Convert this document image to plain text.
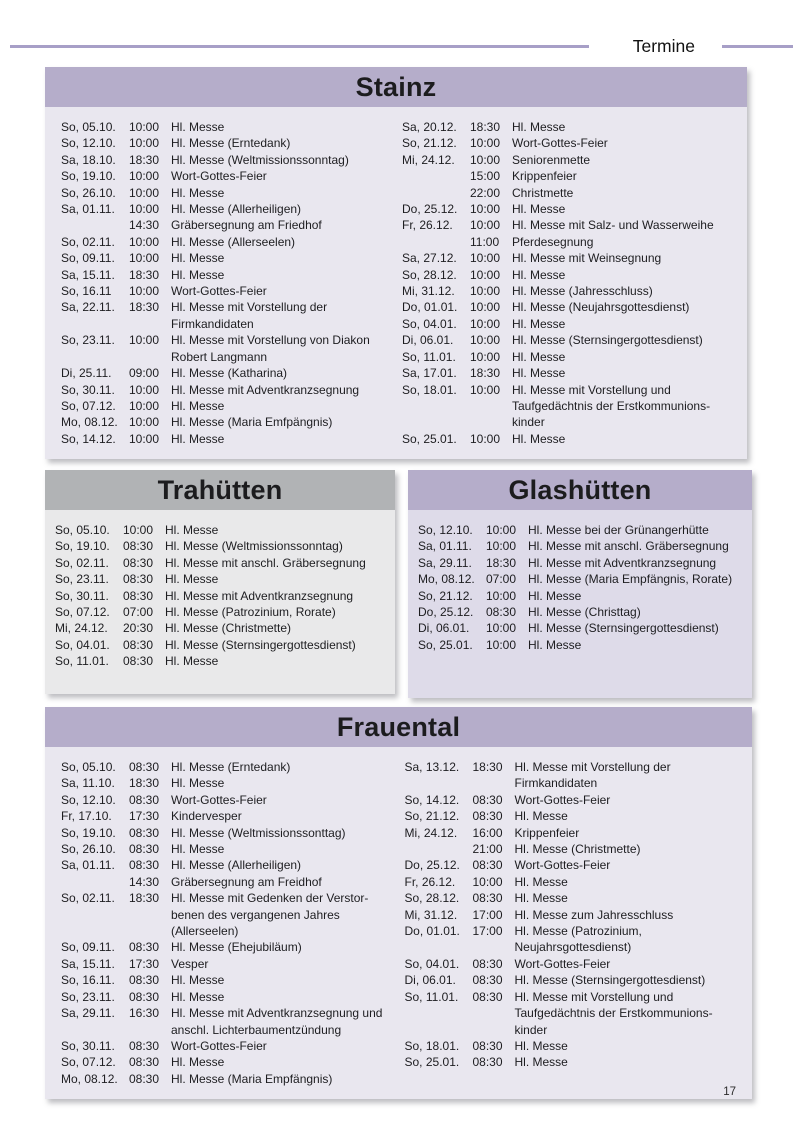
Termine
Stainz
So, 05.10.	10:00 Hl. Messe
So, 12.10.	10:00 Hl. Messe (Erntedank)
Sa, 18.10.	18:30 Hl. Messe (Weltmissionssonntag)
So, 19.10.	10:00 Wort-Gottes-Feier
So, 26.10.	10:00 Hl. Messe
Sa, 01.11.	10:00 Hl. Messe (Allerheiligen)
14:30 Gräbersegnung am Friedhof
So, 02.11.	10:00 Hl. Messe (Allerseelen)
So, 09.11.	10:00 Hl. Messe
Sa, 15.11.	18:30 Hl. Messe
So, 16.11	10:00 Wort-Gottes-Feier
Sa, 22.11.	18:30 Hl. Messe mit Vorstellung der Firmkandidaten
So, 23.11.	10:00 Hl. Messe mit Vorstellung von Diakon Robert Langmann
Di, 25.11.	09:00 Hl. Messe (Katharina)
So, 30.11.	10:00 Hl. Messe mit Adventkranzsegnung
So, 07.12.	10:00 Hl. Messe
Mo, 08.12. 10:00 Hl. Messe (Maria Emfpängnis)
So, 14.12.	10:00 Hl. Messe
Sa, 20.12.	18:30 Hl. Messe
So, 21.12.	10:00 Wort-Gottes-Feier
Mi, 24.12.	10:00 Seniorenmette
15:00 Krippenfeier
22:00 Christmette
Do, 25.12.	10:00 Hl. Messe
Fr, 26.12.	10:00 Hl. Messe mit Salz- und Wasserweihe
11:00	Pferdesegnung
Sa, 27.12.	10:00 Hl. Messe mit Weinsegnung
So, 28.12.	10:00 Hl. Messe
Mi, 31.12.	10:00 Hl. Messe (Jahresschluss)
Do, 01.01.	10:00 Hl. Messe (Neujahrsgottesdienst)
So, 04.01.	10:00 Hl. Messe
Di, 06.01.	10:00 Hl. Messe (Sternsingergottesdienst)
So, 11.01.	10:00 Hl. Messe
Sa, 17.01.	18:30 Hl. Messe
So, 18.01.	10:00 Hl. Messe mit Vorstellung und Taufgedächtnis der Erstkommunions-kinder
So, 25.01.	10:00 Hl. Messe
Trahütten
So, 05.10.	10:00 Hl. Messe
So, 19.10.	08:30 Hl. Messe (Weltmissionssonntag)
So, 02.11.	08:30 Hl. Messe mit anschl. Gräbersegnung
So, 23.11.	08:30 Hl. Messe
So, 30.11.	08:30 Hl. Messe mit Adventkranzsegnung
So, 07.12.	07:00 Hl. Messe (Patrozinium, Rorate)
Mi, 24.12.	20:30 Hl. Messe (Christmette)
So, 04.01.	08:30 Hl. Messe (Sternsingergottesdienst)
So, 11.01.	08:30 Hl. Messe
Glashütten
So, 12.10.	10:00 Hl. Messe bei der Grünangerhütte
Sa, 01.11.	10:00 Hl. Messe mit anschl. Gräbersegnung
Sa, 29.11.	18:30 Hl. Messe mit Adventkranzsegnung
Mo, 08.12. 07:00 Hl. Messe (Maria Empfängnis, Rorate)
So, 21.12.	10:00 Hl. Messe
Do, 25.12.	08:30 Hl. Messe (Christtag)
Di, 06.01.	10:00 Hl. Messe (Sternsingergottesdienst)
So, 25.01.	10:00 Hl. Messe
Frauental
So, 05.10.	08:30 Hl. Messe (Erntedank)
Sa, 11.10.	18:30 Hl. Messe
So, 12.10.	08:30 Wort-Gottes-Feier
Fr, 17.10.	17:30 Kindervesper
So, 19.10.	08:30 Hl. Messe (Weltmissionssonttag)
So, 26.10.	08:30 Hl. Messe
Sa, 01.11.	08:30 Hl. Messe (Allerheiligen)
14:30 Gräbersegnung am Freidhof
So, 02.11.	18:30 Hl. Messe mit Gedenken der Verstor-benen des vergangenen Jahres (Allerseelen)
So, 09.11.	08:30 Hl. Messe (Ehejubiläum)
Sa, 15.11.	17:30 Vesper
So, 16.11.	08:30 Hl. Messe
So, 23.11.	08:30 Hl. Messe
Sa, 29.11.	16:30 Hl. Messe mit Adventkranzsegnung und anschl. Lichterbaumentzündung
So, 30.11.	08:30 Wort-Gottes-Feier
So, 07.12.	08:30 Hl. Messe
Mo, 08.12. 08:30 Hl. Messe (Maria Empfängnis)
Sa, 13.12.	18:30 Hl. Messe mit Vorstellung der Firmkandidaten
So, 14.12.	08:30 Wort-Gottes-Feier
So, 21.12.	08:30 Hl. Messe
Mi, 24.12.	16:00 Krippenfeier
21:00 Hl. Messe (Christmette)
Do, 25.12.	08:30 Wort-Gottes-Feier
Fr, 26.12.	10:00 Hl. Messe
So, 28.12.	08:30 Hl. Messe
Mi, 31.12.	17:00 Hl. Messe zum Jahresschluss
Do, 01.01.	17:00 Hl. Messe (Patrozinium, Neujahrsgottesdienst)
So, 04.01.	08:30 Wort-Gottes-Feier
Di, 06.01.	08:30 Hl. Messe (Sternsingergottesdienst)
So, 11.01.	08:30 Hl. Messe mit Vorstellung und Taufgedächtnis der Erstkommunions-kinder
So, 18.01.	08:30 Hl. Messe
So, 25.01.	08:30 Hl. Messe
17
